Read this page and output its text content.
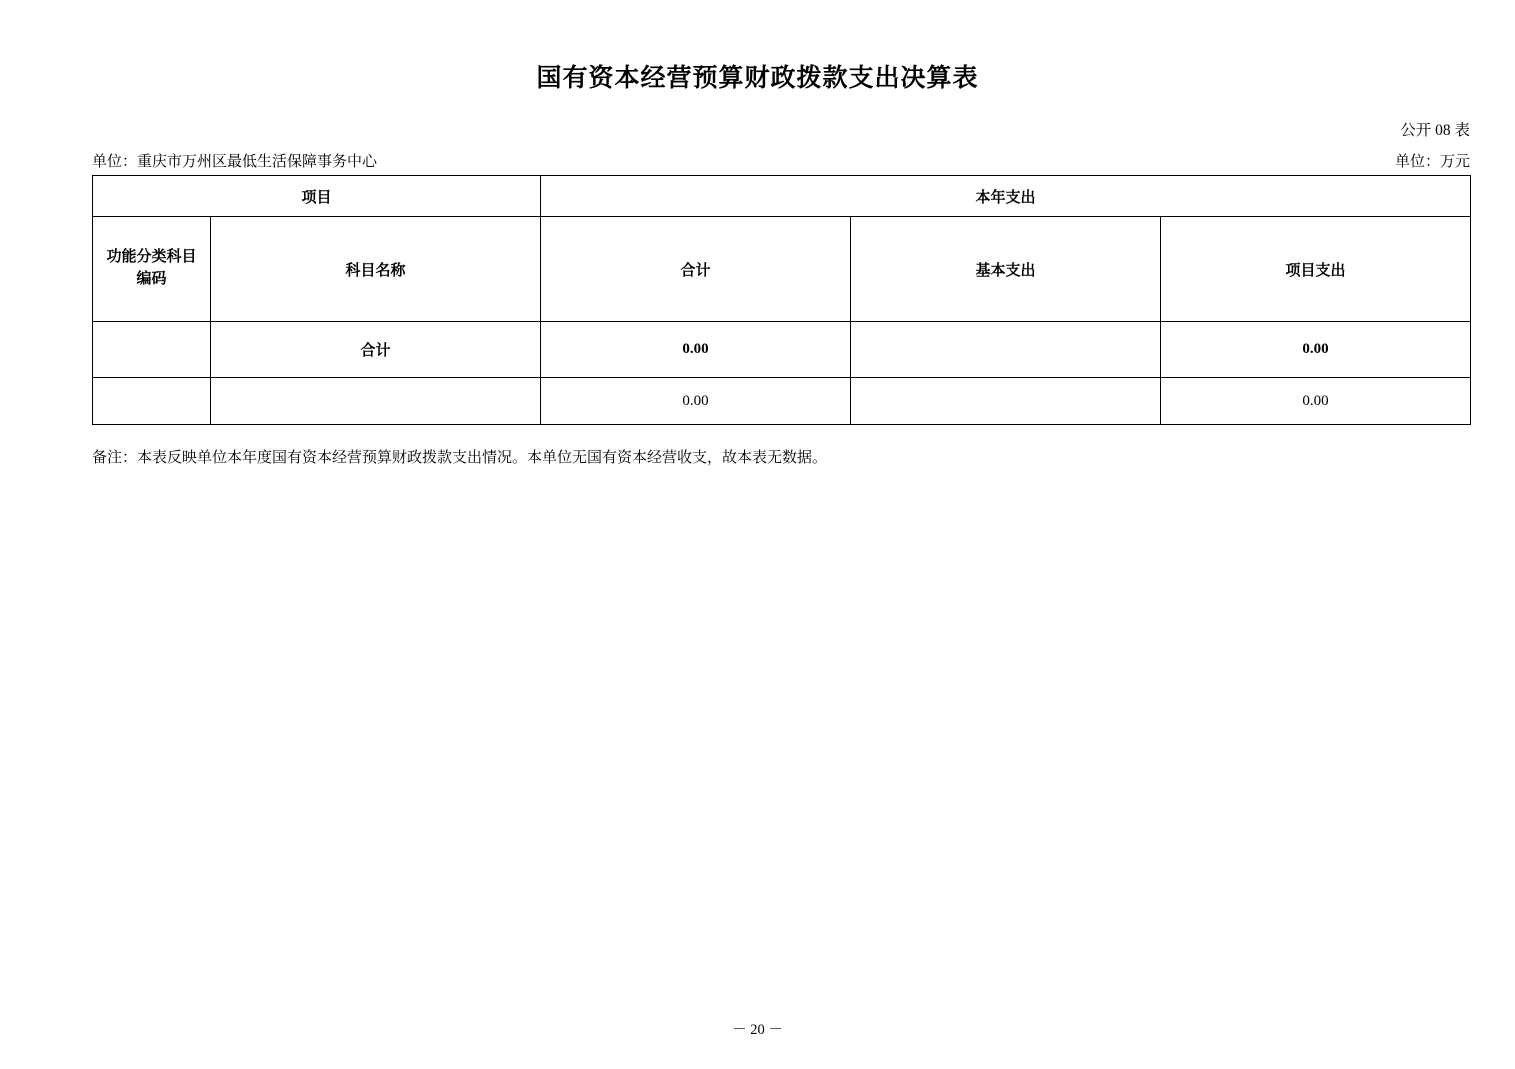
国有资本经营预算财政拨款支出决算表
公开 08 表
单位：重庆市万州区最低生活保障事务中心	单位：万元
项目		本年支出		
功能分类科目
编码	科目名称	合计	基本支出	项目支出
	合计	0.00		0.00
		0.00		0.00
备注：本表反映单位本年度国有资本经营预算财政拨款支出情况。本单位无国有资本经营收支，故本表无数据。
－ 20 －
